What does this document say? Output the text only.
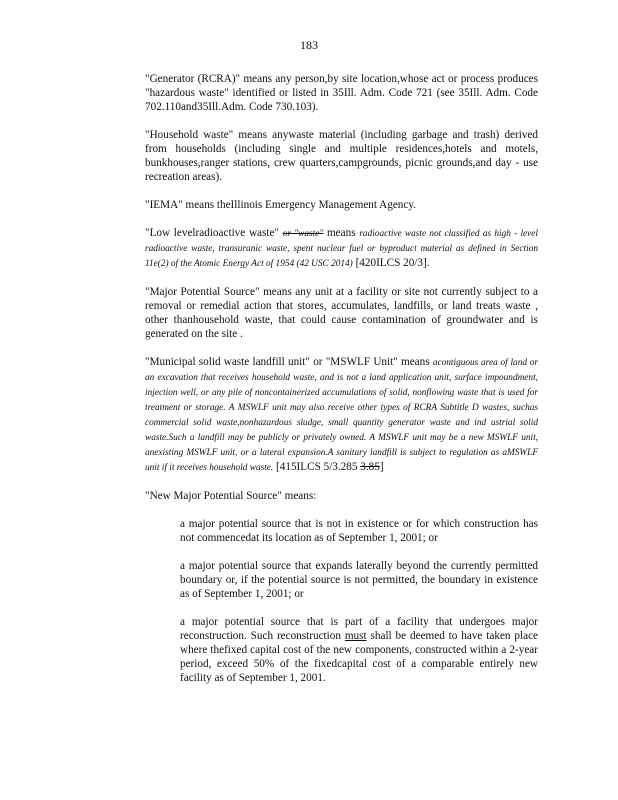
183

"Generator (RCRA)" means any person,by site location,whose act or process produces "hazardous waste" identified or listed in 35Ill. Adm. Code 721 (see 35Ill. Adm. Code 702.110and35Ill.Adm. Code 730.103).

"Household waste" means anywaste material (including garbage and trash) derived from households (including single and multiple residences,hotels and motels, bunkhouses,ranger stations, crew quarters,campgrounds, picnic grounds,and day - use recreation areas).

"IEMA" means theIllinois Emergency Management Agency.

"Low levelradioactive waste" or "waste" means radioactive waste not classified as high - level radioactive waste, transuranic waste, spent nuclear fuel or byproduct material as defined in Section 11e(2) of the Atomic Energy Act of 1954 (42 USC 2014) [420ILCS 20/3].

"Major Potential Source" means any unit at a facility or site not currently subject to a removal or remedial action that stores, accumulates, landfills, or land treats waste , other thanhousehold waste, that could cause contamination of groundwater and is generated on the site .

"Municipal solid waste landfill unit" or "MSWLF Unit" means acontiguous area of land or an excavation that receives household waste, and is not a land application unit, surface impoundment, injection well, or any pile of noncontainerized accumulations of solid, nonflowing waste that is used for treatment or storage. A MSWLF unit may also receive other types of RCRA Subtitle D wastes, suchas commercial solid waste,nonhazardous sludge, small quantity generator waste and ind ustrial solid waste.Such a landfill may be publicly or privately owned. A MSWLF unit may be a new MSWLF unit, anexisting MSWLF unit, or a lateral expansion.A sanitary landfill is subject to regulation as aMSWLF unit if it receives household waste. [415ILCS 5/3.285 3.85]

"New Major Potential Source" means:

a major potential source that is not in existence or for which construction has not commencedat its location as of September 1, 2001; or

a major potential source that expands laterally beyond the currently permitted boundary or, if the potential source is not permitted, the boundary in existence as of September 1, 2001; or

a major potential source that is part of a facility that undergoes major reconstruction. Such reconstruction must shall be deemed to have taken place where thefixed capital cost of the new components, constructed within a 2-year period, exceed 50% of the fixedcapital cost of a comparable entirely new facility as of September 1, 2001.
